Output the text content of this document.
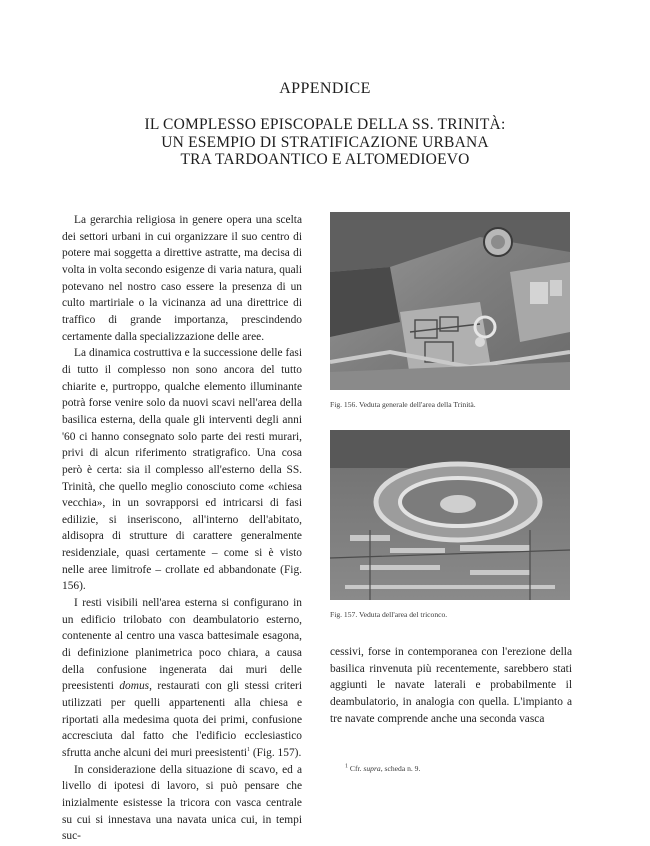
APPENDICE
IL COMPLESSO EPISCOPALE DELLA SS. TRINITÀ:
UN ESEMPIO DI STRATIFICAZIONE URBANA
TRA TARDOANTICO E ALTOMEDIOEVO

La gerarchia religiosa in genere opera una scelta dei settori urbani in cui organizzare il suo centro di potere mai soggetta a direttive astratte, ma decisa di volta in volta secondo esigenze di varia natura, quali potevano nel nostro caso essere la presenza di un culto martiriale o la vicinanza ad una direttrice di traffico di grande importanza, prescindendo certamente dalla specializzazione delle aree.

La dinamica costruttiva e la successione delle fasi di tutto il complesso non sono ancora del tutto chiarite e, purtroppo, qualche elemento illuminante potrà forse venire solo da nuovi scavi nell'area della basilica esterna, della quale gli interventi degli anni '60 ci hanno consegnato solo parte dei resti murari, privi di alcun riferimento stratigrafico. Una cosa però è certa: sia il complesso all'esterno della SS. Trinità, che quello meglio conosciuto come «chiesa vecchia», in un sovrapporsi ed intricarsi di fasi edilizie, si inseriscono, all'interno dell'abitato, aldisopra di strutture di carattere generalmente residenziale, quasi certamente – come si è visto nelle aree limitrofe – crollate ed abbandonate (Fig. 156).

I resti visibili nell'area esterna si configurano in un edificio trilobato con deambulatorio esterno, contenente al centro una vasca battesimale esagona, di definizione planimetrica poco chiara, a causa della confusione ingenerata dai muri delle preesistenti domus, restaurati con gli stessi criteri utilizzati per quelli appartenenti alla chiesa e riportati alla medesima quota dei primi, confusione accresciuta dal fatto che l'edificio ecclesiastico sfrutta anche alcuni dei muri preesistenti$^1$ (Fig. 157).

In considerazione della situazione di scavo, ed a livello di ipotesi di lavoro, si può pensare che inizialmente esistesse la tricora con vasca centrale su cui si innestava una navata unica cui, in tempi suc-

Fig. 156. Veduta generale dell'area della Trinità.
Fig. 157. Veduta dell'area del triconco.

cessivi, forse in contemporanea con l'erezione della basilica rinvenuta più recentemente, sarebbero stati aggiunti le navate laterali e probabilmente il deambulatorio, in analogia con quella. L'impianto a tre navate comprende anche una seconda vasca

$^1$ Cfr. supra, scheda n. 9.
